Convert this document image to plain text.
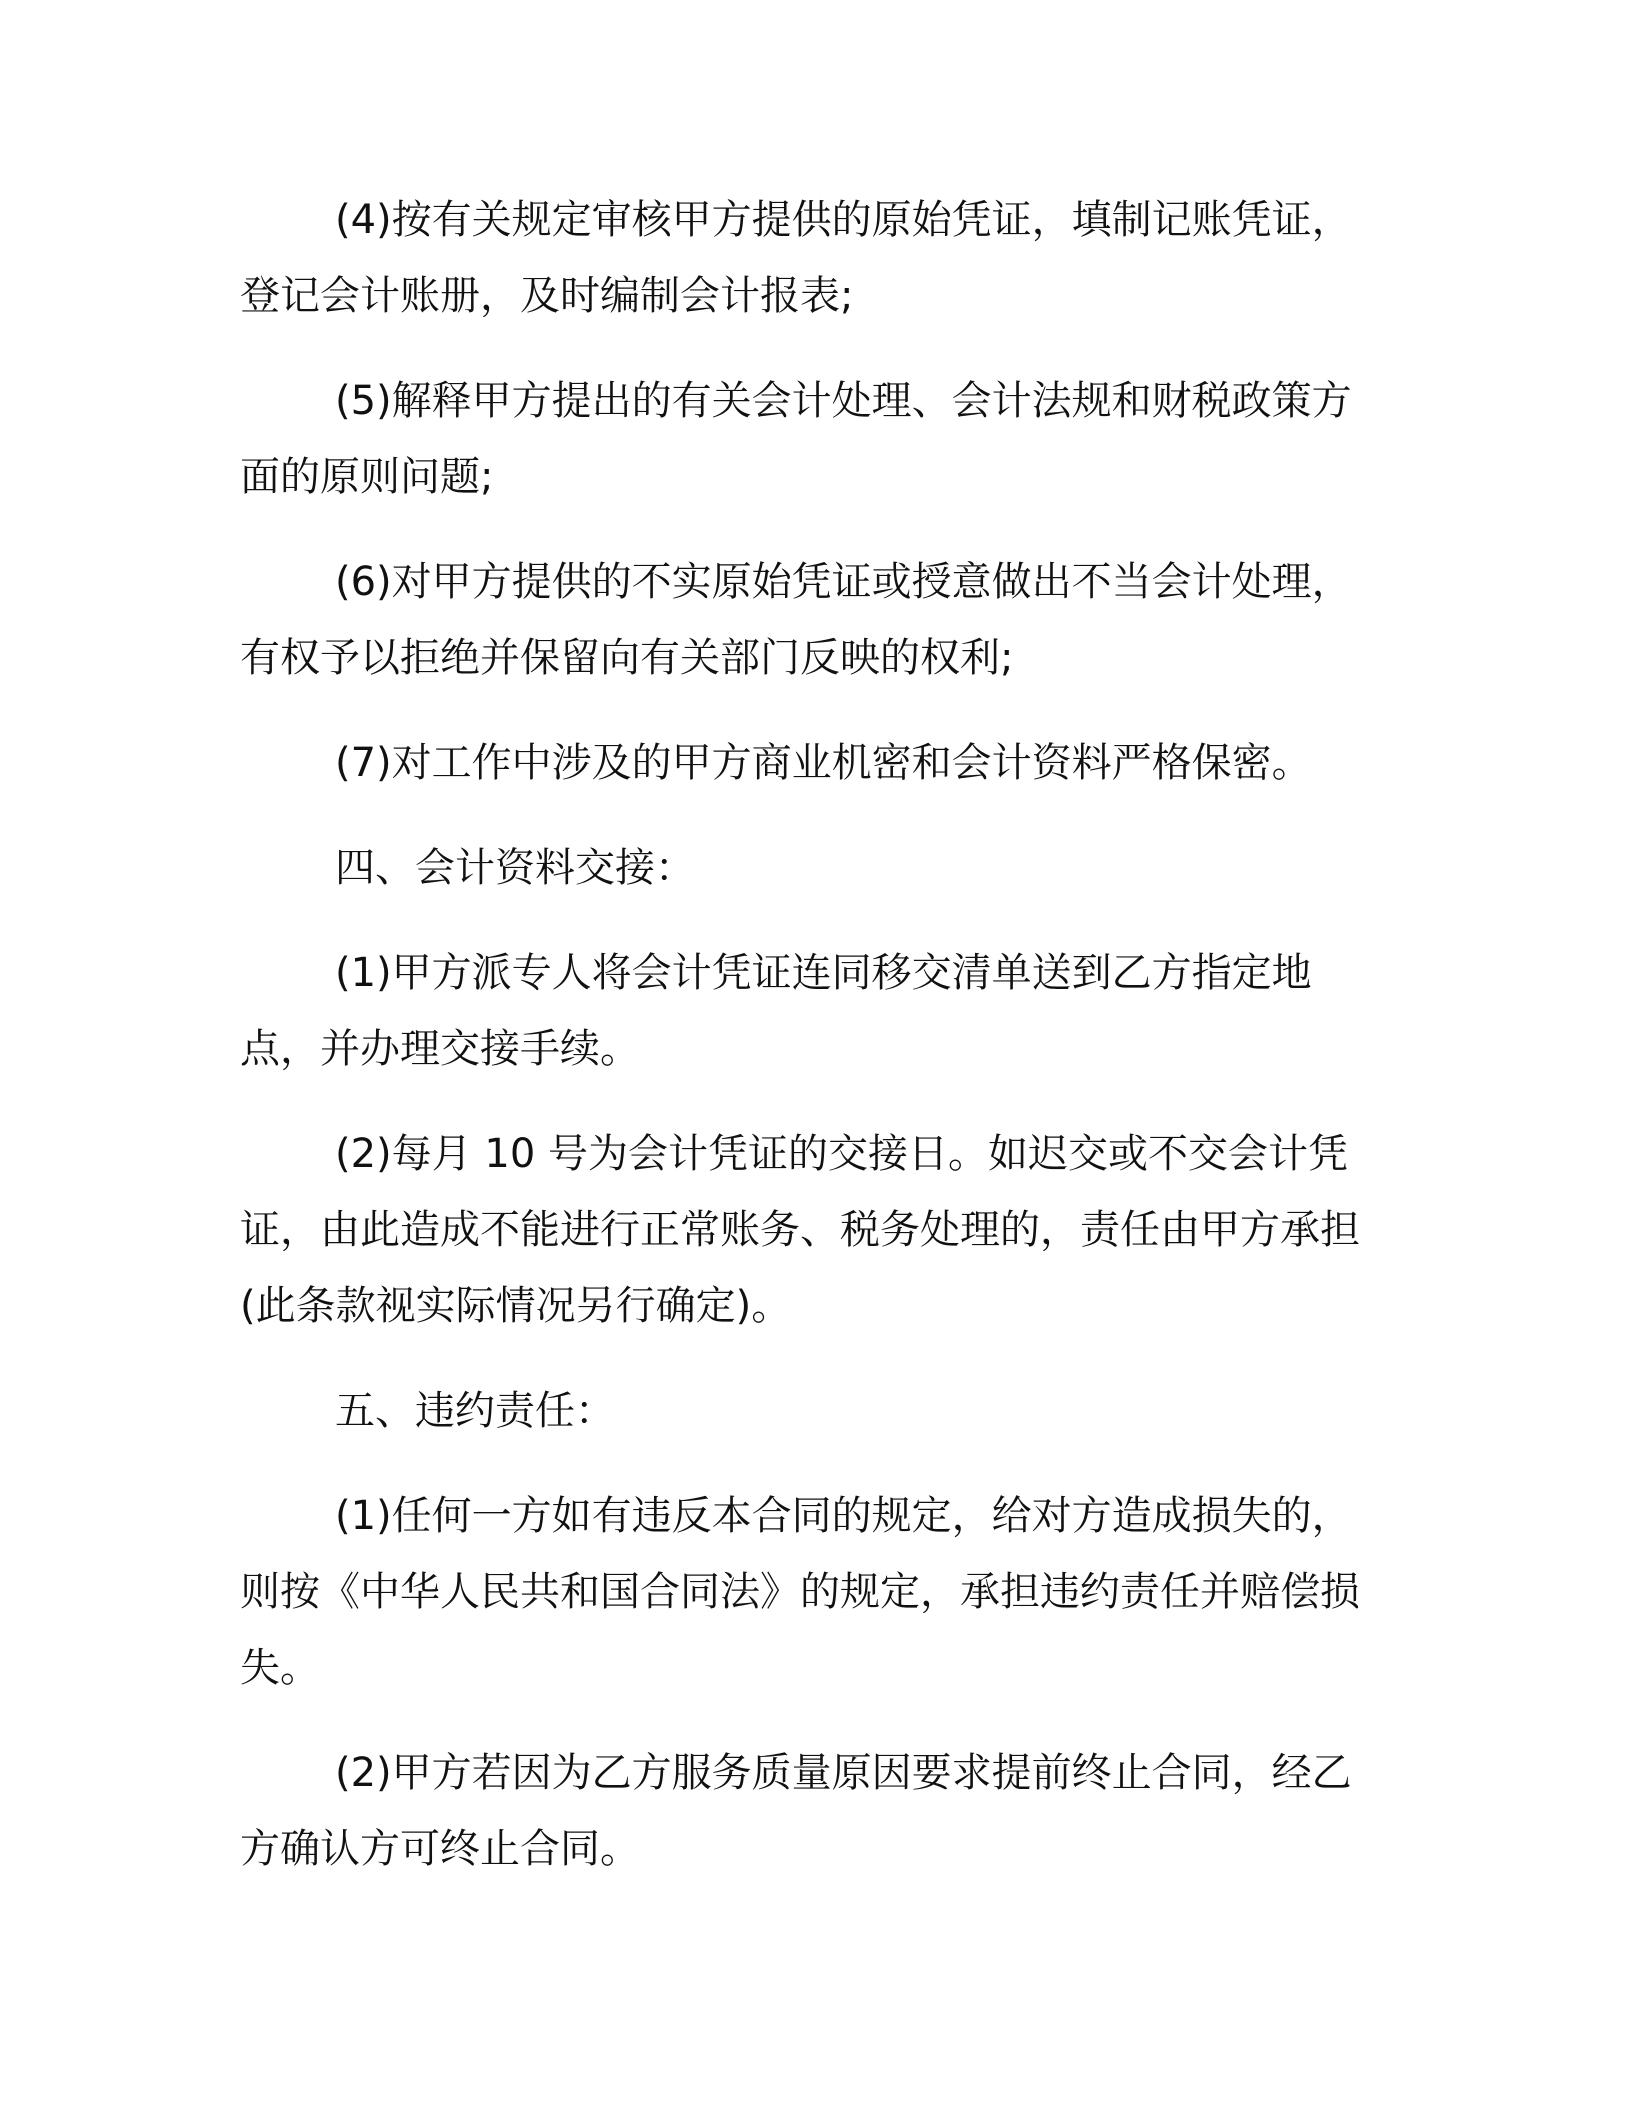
(4)按有关规定审核甲方提供的原始凭证，填制记账凭证，登记会计账册，及时编制会计报表;

(5)解释甲方提出的有关会计处理、会计法规和财税政策方面的原则问题;

(6)对甲方提供的不实原始凭证或授意做出不当会计处理，有权予以拒绝并保留向有关部门反映的权利;

(7)对工作中涉及的甲方商业机密和会计资料严格保密。

四、会计资料交接：

(1)甲方派专人将会计凭证连同移交清单送到乙方指定地点，并办理交接手续。

(2)每月 10 号为会计凭证的交接日。如迟交或不交会计凭证，由此造成不能进行正常账务、税务处理的，责任由甲方承担(此条款视实际情况另行确定)。

五、违约责任：

(1)任何一方如有违反本合同的规定，给对方造成损失的，则按《中华人民共和国合同法》的规定，承担违约责任并赔偿损失。

(2)甲方若因为乙方服务质量原因要求提前终止合同，经乙方确认方可终止合同。
